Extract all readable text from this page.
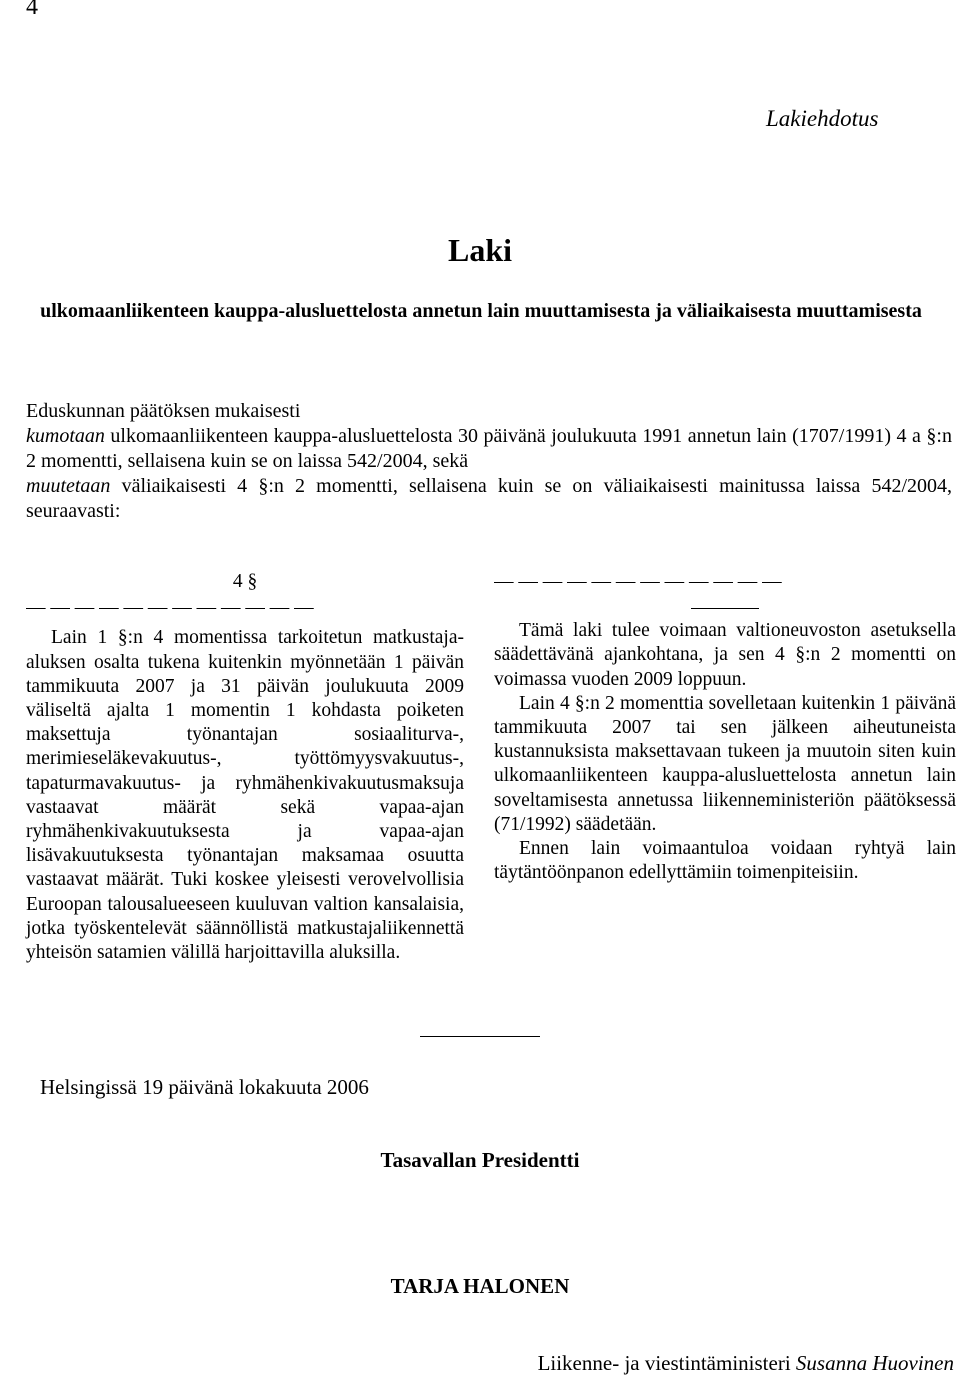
4
Lakiehdotus
Laki
ulkomaanliikenteen kauppa-alusluettelosta annetun lain muuttamisesta ja väliaikaisesta muuttamisesta

Eduskunnan päätöksen mukaisesti

kumotaan ulkomaanliikenteen kauppa-alusluettelosta 30 päivänä joulukuuta 1991 annetun lain (1707/1991) 4 a §:n 2 momentti, sellaisena kuin se on laissa 542/2004, sekä

muutetaan väliaikaisesti 4 §:n 2 momentti, sellaisena kuin se on väliaikaisesti mainitussa laissa 542/2004, seuraavasti:

4 §
— — — — — — — — — — — —

Lain 1 §:n 4 momentissa tarkoitetun matkustaja-aluksen osalta tukena kuitenkin myönnetään 1 päivän tammikuuta 2007 ja 31 päivän joulukuuta 2009 väliseltä ajalta 1 momentin 1 kohdasta poiketen maksettuja työnantajan sosiaaliturva-, merimieseläkevakuutus-, työttömyysvakuutus-, tapaturmavakuutus- ja ryhmähenkivakuutusmaksuja vastaavat määrät sekä vapaa-ajan ryhmähenkivakuutuksesta ja vapaa-ajan lisävakuutuksesta työnantajan maksamaa osuutta vastaavat määrät. Tuki koskee yleisesti verovelvollisia Euroopan talousalueeseen kuuluvan valtion kansalaisia, jotka työskentelevät säännöllistä matkustajaliikennettä yhteisön satamien välillä harjoittavilla aluksilla.

— — — — — — — — — — — —

Tämä laki tulee voimaan valtioneuvoston asetuksella säädettävänä ajankohtana, ja sen 4 §:n 2 momentti on voimassa vuoden 2009 loppuun.

Lain 4 §:n 2 momenttia sovelletaan kuitenkin 1 päivänä tammikuuta 2007 tai sen jälkeen aiheutuneista kustannuksista maksettavaan tukeen ja muutoin siten kuin ulkomaanliikenteen kauppa-alusluettelosta annetun lain soveltamisesta annetussa liikenneministeriön päätöksessä (71/1992) säädetään.

Ennen lain voimaantuloa voidaan ryhtyä lain täytäntöönpanon edellyttämiin toimenpiteisiin.

Helsingissä 19 päivänä lokakuuta 2006
Tasavallan Presidentti
TARJA HALONEN
Liikenne- ja viestintäministeri Susanna Huovinen
